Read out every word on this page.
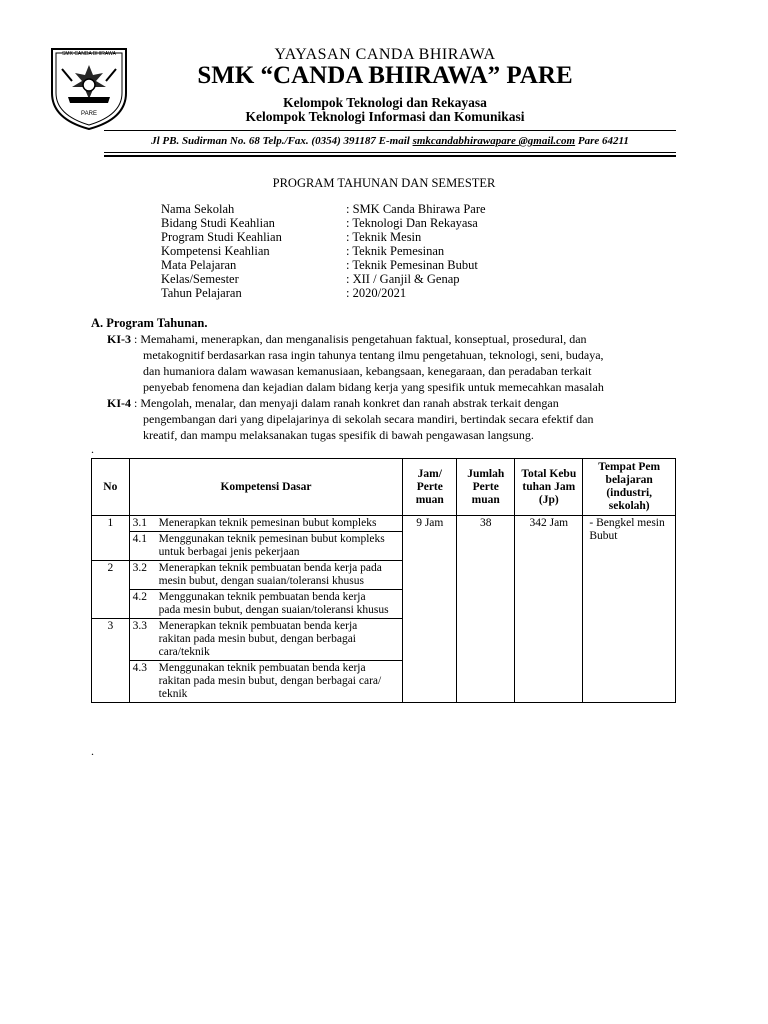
SMK CANDA BHIRAWA
PARE
YAYASAN CANDA BHIRAWA
SMK “CANDA BHIRAWA” PARE
Kelompok Teknologi dan Rekayasa
Kelompok Teknologi Informasi dan Komunikasi
Jl PB. Sudirman No. 68 Telp./Fax. (0354) 391187 E-mail smkcandabhirawapare @gmail.com Pare 64211
PROGRAM TAHUNAN DAN SEMESTER
Nama Sekolah	: SMK Canda Bhirawa Pare
Bidang Studi Keahlian	: Teknologi Dan Rekayasa
Program Studi Keahlian	: Teknik Mesin
Kompetensi Keahlian	: Teknik Pemesinan
Mata Pelajaran	: Teknik Pemesinan Bubut
Kelas/Semester	: XII / Ganjil & Genap
Tahun Pelajaran	: 2020/2021
A. Program Tahunan.
KI-3 : Memahami, menerapkan, dan menganalisis pengetahuan faktual, konseptual, prosedural, dan
metakognitif berdasarkan rasa ingin tahunya tentang ilmu pengetahuan, teknologi, seni, budaya,
dan humaniora dalam wawasan kemanusiaan, kebangsaan, kenegaraan, dan peradaban terkait
penyebab fenomena dan kejadian dalam bidang kerja yang spesifik untuk memecahkan masalah
KI-4 : Mengolah, menalar, dan menyaji dalam ranah konkret dan ranah abstrak terkait dengan
pengembangan dari yang dipelajarinya di sekolah secara mandiri, bertindak secara efektif dan
kreatif, dan mampu melaksanakan tugas spesifik di bawah pengawasan langsung.
.
No	Kompetensi Dasar	Jam/ Perte muan	Jumlah Perte muan	Total Kebu tuhan Jam (Jp)	Tempat Pem belajaran (industri, sekolah)
1	3.1 Menerapkan teknik pemesinan bubut kompleks	9 Jam	38	342 Jam	- Bengkel mesin Bubut
	4.1 Menggunakan teknik pemesinan bubut kompleks untuk berbagai jenis pekerjaan				
2	3.2 Menerapkan teknik pembuatan benda kerja pada mesin bubut, dengan suaian/toleransi khusus				
	4.2 Menggunakan teknik pembuatan benda kerja pada mesin bubut, dengan suaian/toleransi khusus				
3	3.3 Menerapkan teknik pembuatan benda kerja rakitan pada mesin bubut, dengan berbagai cara/teknik				
	4.3 Menggunakan teknik pembuatan benda kerja rakitan pada mesin bubut, dengan berbagai cara/ teknik				
.
